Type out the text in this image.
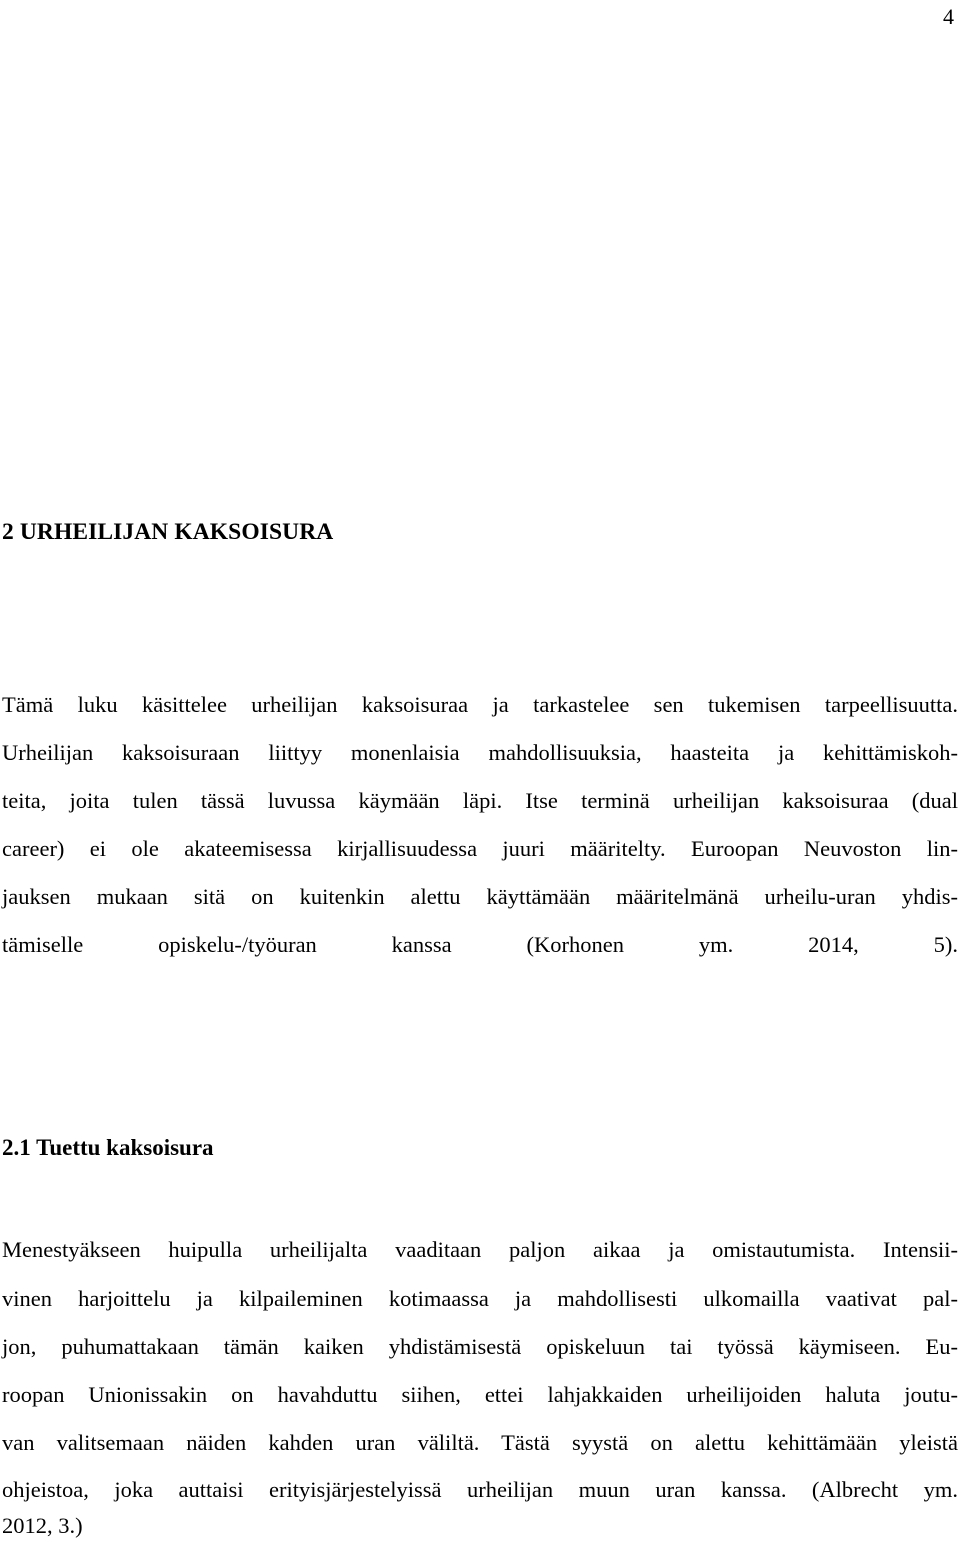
4
2 URHEILIJAN KAKSOISURA
Tämä luku käsittelee urheilijan kaksoisuraa ja tarkastelee sen tukemisen tarpeellisuutta.
Urheilijan kaksoisuraan liittyy monenlaisia mahdollisuuksia, haasteita ja kehittämiskoh-
teita, joita tulen tässä luvussa käymään läpi. Itse terminä urheilijan kaksoisuraa (dual
career) ei ole akateemisessa kirjallisuudessa juuri määritelty. Euroopan Neuvoston lin-
jauksen mukaan sitä on kuitenkin alettu käyttämään määritelmänä urheilu-uran yhdis-
tämiselle opiskelu-/työuran kanssa (Korhonen ym. 2014, 5).
2.1 Tuettu kaksoisura
Menestyäkseen huipulla urheilijalta vaaditaan paljon aikaa ja omistautumista. Intensii-
vinen harjoittelu ja kilpaileminen kotimaassa ja mahdollisesti ulkomailla vaativat pal-
jon, puhumattakaan tämän kaiken yhdistämisestä opiskeluun tai työssä käymiseen. Eu-
roopan Unionissakin on havahduttu siihen, ettei lahjakkaiden urheilijoiden haluta joutu-
van valitsemaan näiden kahden uran väliltä. Tästä syystä on alettu kehittämään yleistä
ohjeistoa, joka auttaisi erityisjärjestelyissä urheilijan muun uran kanssa. (Albrecht ym.
2012, 3.)
